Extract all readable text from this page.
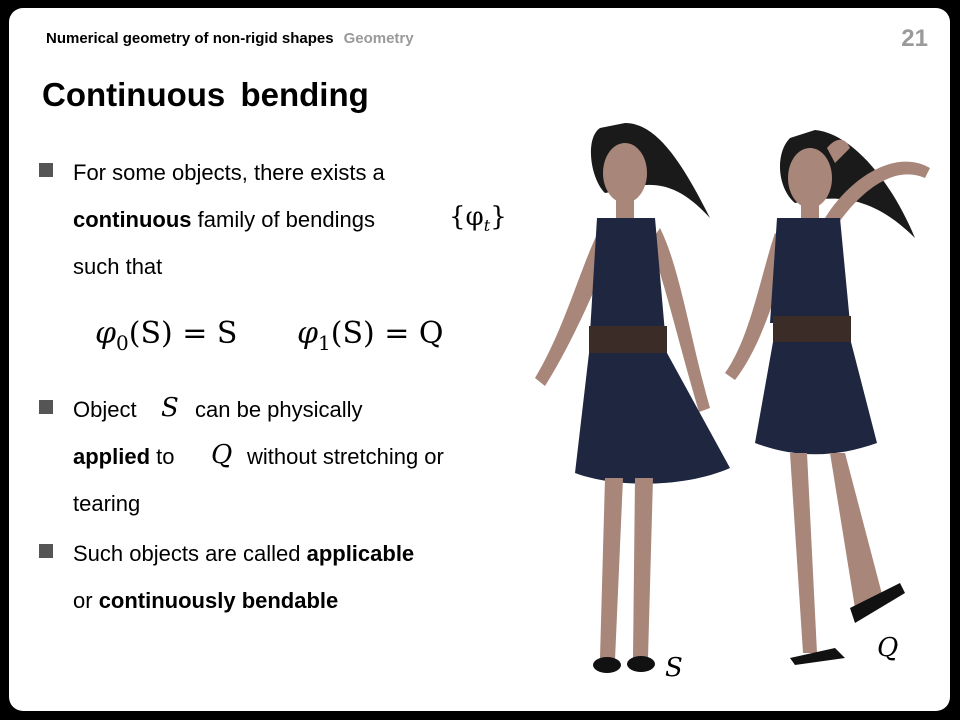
Numerical geometry of non-rigid shapes Geometry	21
Continuous bending
For some objects, there exists a
continuous family of bendings	$\{\varphi_t\}$
such that
$\varphi_0(S) = S$ $\varphi_1(S) = Q$
Object S can be physically
applied to Q without stretching or
tearing
Such objects are called applicable
or continuously bendable
S
Q
